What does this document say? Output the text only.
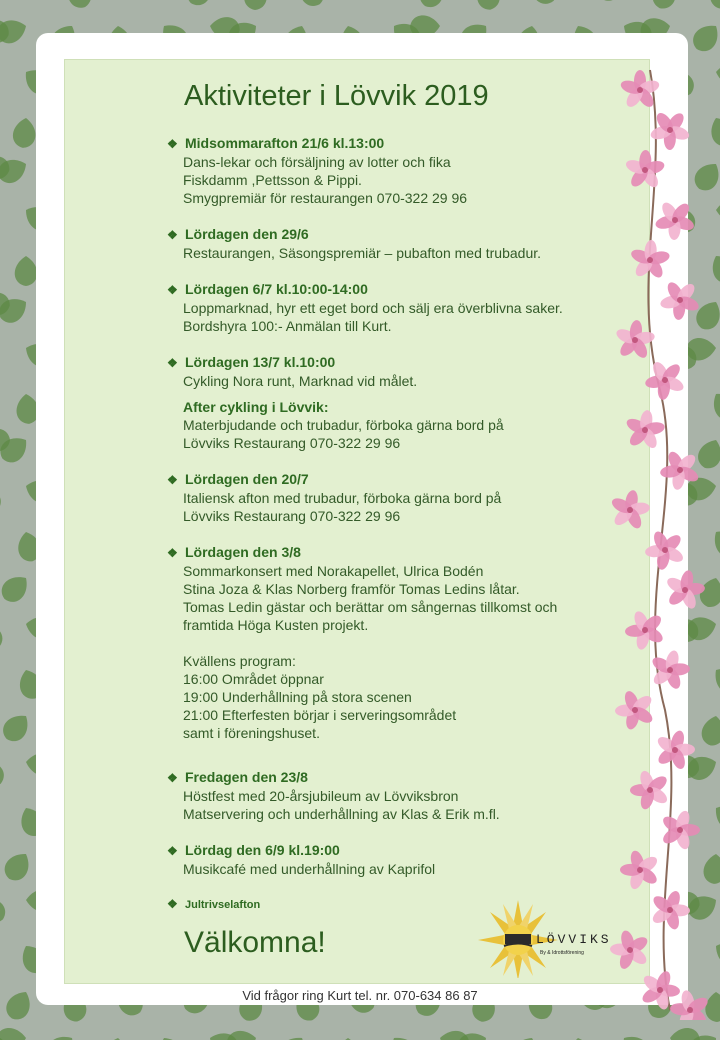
Aktiviteter i Lövvik 2019
❖ Midsommarafton 21/6 kl.13:00
Dans-lekar och försäljning av lotter och fika
Fiskdamm ,Pettsson & Pippi.
Smygpremiär för restaurangen 070-322 29 96
❖ Lördagen den 29/6
Restaurangen, Säsongspremiär – pubafton med trubadur.
❖ Lördagen 6/7 kl.10:00-14:00
Loppmarknad, hyr ett eget bord och sälj era överblivna saker.
Bordshyra 100:- Anmälan till Kurt.
❖ Lördagen 13/7 kl.10:00
Cykling Nora runt, Marknad vid målet.
After cykling i Lövvik:
Materbjudande och trubadur, förboka gärna bord på
Lövviks Restaurang 070-322 29 96
❖ Lördagen den 20/7
Italiensk afton med trubadur, förboka gärna bord på
Lövviks Restaurang 070-322 29 96
❖ Lördagen den 3/8
Sommarkonsert med Norakapellet, Ulrica Bodén
Stina Joza & Klas Norberg framför Tomas Ledins låtar.
Tomas Ledin gästar och berättar om sångernas tillkomst och
framtida Höga Kusten projekt.
Kvällens program:
16:00 Området öppnar
19:00 Underhållning på stora scenen
21:00 Efterfesten börjar i serveringsområdet
samt i föreningshuset.
❖ Fredagen den 23/8
Höstfest med 20-årsjubileum av Lövviksbron
Matservering och underhållning av Klas & Erik m.fl.
❖ Lördag den 6/9 kl.19:00
Musikcafé med underhållning av Kaprifol
❖ Jultrivselafton
Välkomna!	LÖVVIKS
By & Idrottsförening
Vid frågor ring Kurt tel. nr. 070-634 86 87
